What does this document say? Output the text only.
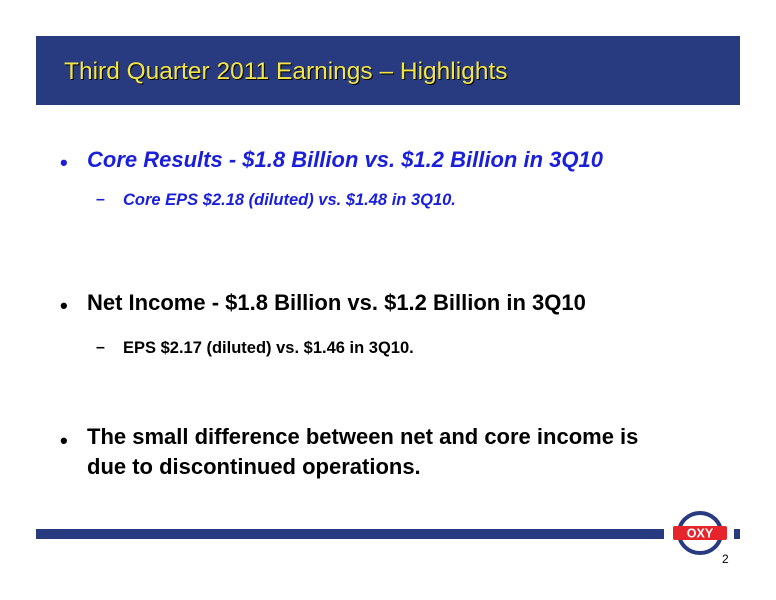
Third Quarter 2011 Earnings – Highlights
• Core Results - $1.8 Billion vs. $1.2 Billion in 3Q10
– Core EPS $2.18 (diluted) vs. $1.48 in 3Q10.
• Net Income - $1.8 Billion vs. $1.2 Billion in 3Q10
– EPS $2.17 (diluted) vs. $1.46 in 3Q10.
• The small difference between net and core income is
due to discontinued operations.
OXY
2
